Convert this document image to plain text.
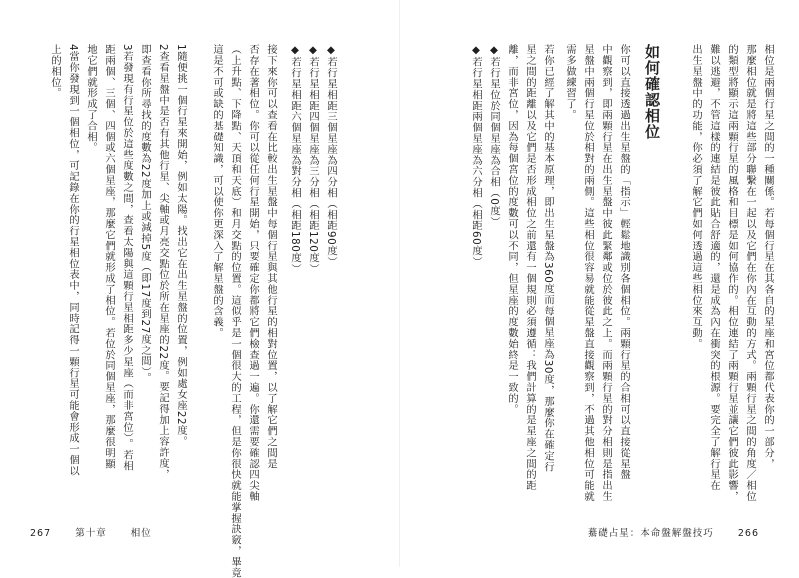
◆若行星相距三個星座為四分相（相距90度）
◆若行星相距四個星座為三分相（相距120度）
◆若行星相距六個星座為對分相（相距180度）
接下來你可以查看在比較出生星盤中每個行星與其他行星的相對位置，以了解它們之間是
否存在著相位。你可以從任何行星開始，只要確定你都將它們檢查過一遍。你還需要確認四尖軸
（上升點、下降點、天頂和天底）和月交點的位置。這似乎是一個很大的工程，但是你很快就能掌握訣竅，畢竟
這是不可或缺的基礎知識，可以使你更深入了解星盤的含義。
1隨便挑一個行星來開始，例如太陽。找出它在出生星盤的位置，例如處女座22度。
2查看星盤中是否有其他行星、尖軸或月亮交點位於所在星座的22度。要記得加上容許度，
即查看你所尋找的度數為22度加上或減掉5度（即17度到27度之間）。
3若發現有行星位於這些度數之間，查看太陽與這顆行星相距多少星座（而非宮位）。若相
距兩個、三個、四個或六個星座，那麼它們就形成了相位。若位於同個星座，那麼很明顯
地它們就形成了合相。
4當你發現到一個相位，可記錄在你的行星相位表中，同時記得一顆行星可能會形成一個以
上的相位。
267	第十章	相位
相位是兩個行星之間的一種關係。若每個行星在其各自的星座和宮位都代表你的一部分，
那麼相位就是將這些部分聯繫在一起以及它們在你內在互動的方式。兩顆行星之間的角度／相位
的類型將顯示這兩顆行星的風格和目標是如何協作的。相位連結了兩顆行星並讓它們彼此影響，
難以逃避，不管這樣的連結是彼此貼合舒適的，還是成為內在衝突的根源。要完全了解行星在
出生星盤中的功能，你必須了解它們如何透過這些相位來互動。
如何確認相位
你可以直接透過出生星盤的「指示」輕鬆地識別各個相位。兩顆行星的合相可以直接從星盤
中觀察到，即兩顆行星在出生星盤中彼此緊鄰或位於彼此之上。而兩顆行星的對分相則是指出生
星盤中兩個行星位於相對的兩側。這些相位很容易就能從星盤直接觀察到，不過其他相位可能就
需多做練習了。
若你已經了解其中的基本原理，即出生星盤為360度而每個星座為30度，那麼你在確定行
星之間的距離以及它們是否形成相位之前還有一個規則必須遵循：我們計算的是星座之間的距
離，而非宮位，因為每個宮位的度數可以不同，但星座的度數始終是一致的。
◆若行星位於同個星座為合相（0度）
◆若行星相距兩個星座為六分相（相距60度）
驀礎占星：本命盤解盤技巧	266
